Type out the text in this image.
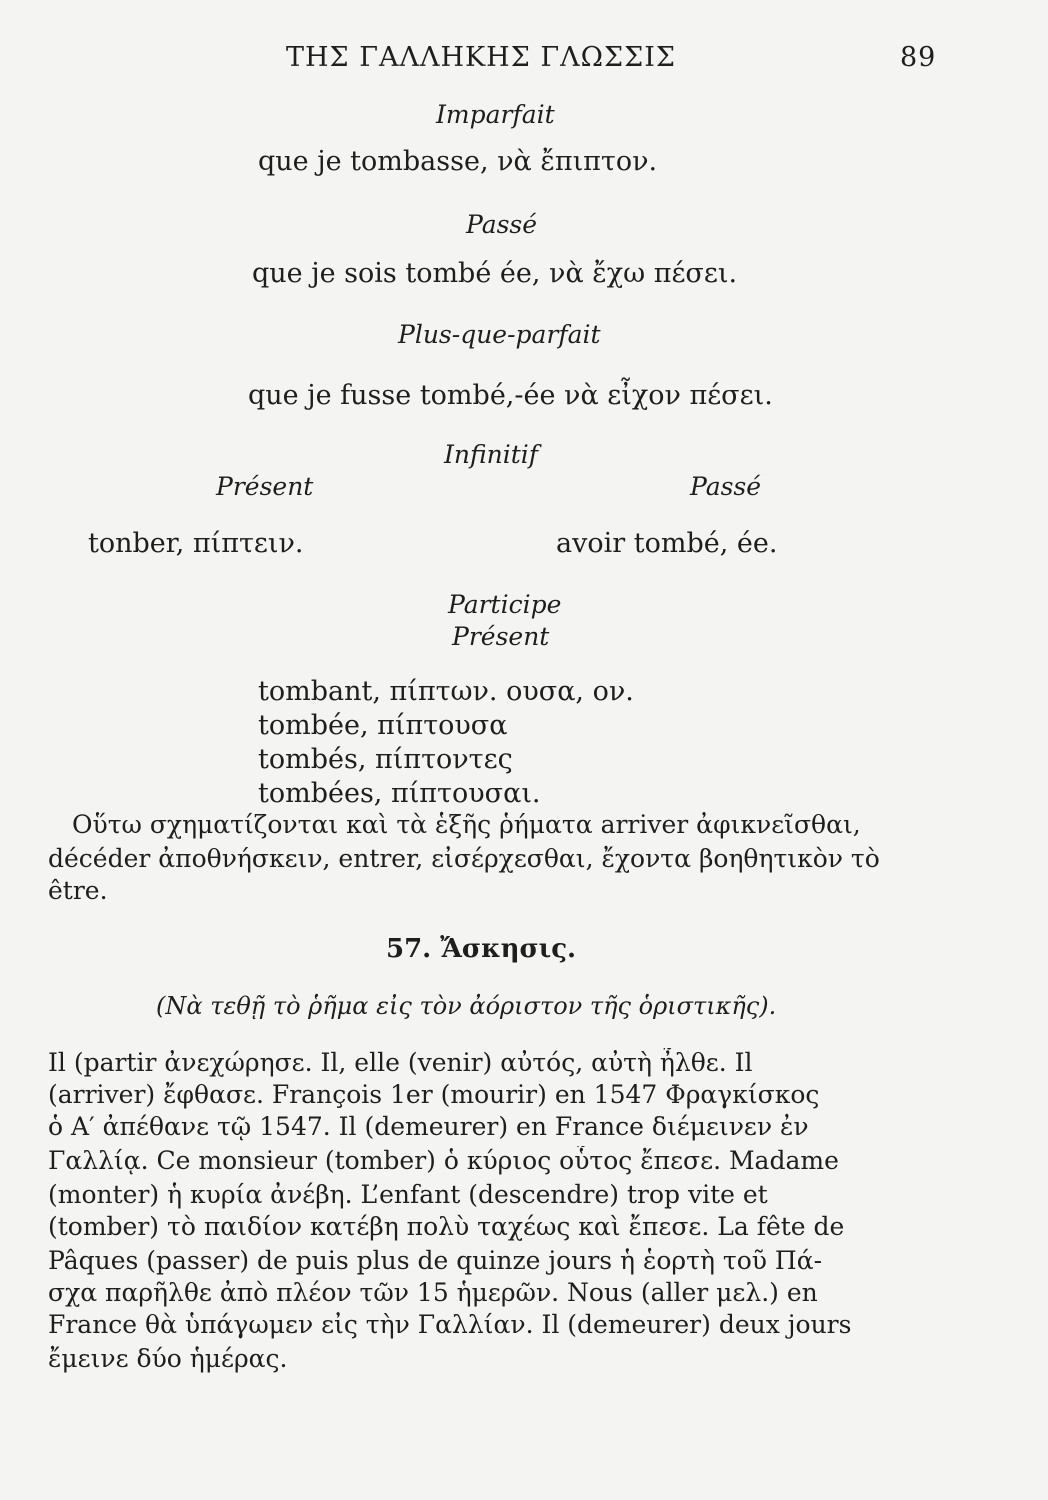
ΤΗΣ ΓΑΛΛΗΚΗΣ ΓΛΩΣΣΙΣ	89
Imparfait
que je tombasse, νὰ ἔπιπτον.
Passé
que je sois tombé ée, νὰ ἔχω πέσει.
Plus-que-parfait
que je fusse tombé,-ée νὰ εἶχον πέσει.
Infinitif
Présent	Passé
tonber, πίπτειν.	avoir tombé, ée.
Participe
Présent
tombant, πίπτων. ουσα, ον.
tombée, πίπτουσα
tombés, πίπτοντες
tombées, πίπτουσαι.
Οὕτω σχηματίζονται καὶ τὰ ἑξῆς ῥήματα arriver ἀφικνεῖσθαι,
décéder ἀποθνήσκειν, entrer, εἰσέρχεσθαι, ἔχοντα βοηθητικὸν τὸ
être.
57. Ἄσκησις.
(Νὰ τεθῇ τὸ ῥῆμα εἰς τὸν ἀόριστον τῆς ὁριστικῆς).
Il (partir ἀνεχώρησε. Il, elle (venir) αὐτός, αὐτὴ ἦλθε. Il
(arriver) ἔφθασε. François 1er (mourir) en 1547 Φραγκίσκος
ὁ Α′ ἀπέθανε τῷ 1547. Il (demeurer) en France διέμεινεν ἐν
Γαλλίᾳ. Ce monsieur (tomber) ὁ κύριος οὗτος ἔπεσε. Madame
(monter) ἡ κυρία ἀνέβη. L’enfant (descendre) trop vite et
(tomber) τὸ παιδίον κατέβη πολὺ ταχέως καὶ ἔπεσε. La fête de
Pâques (passer) de puis plus de quinze jours ἡ ἑορτὴ τοῦ Πά-
σχα παρῆλθε ἀπὸ πλέον τῶν 15 ἡμερῶν. Nous (aller μελ.) en
France θὰ ὑπάγωμεν εἰς τὴν Γαλλίαν. Il (demeurer) deux jours
ἔμεινε δύο ἡμέρας.
